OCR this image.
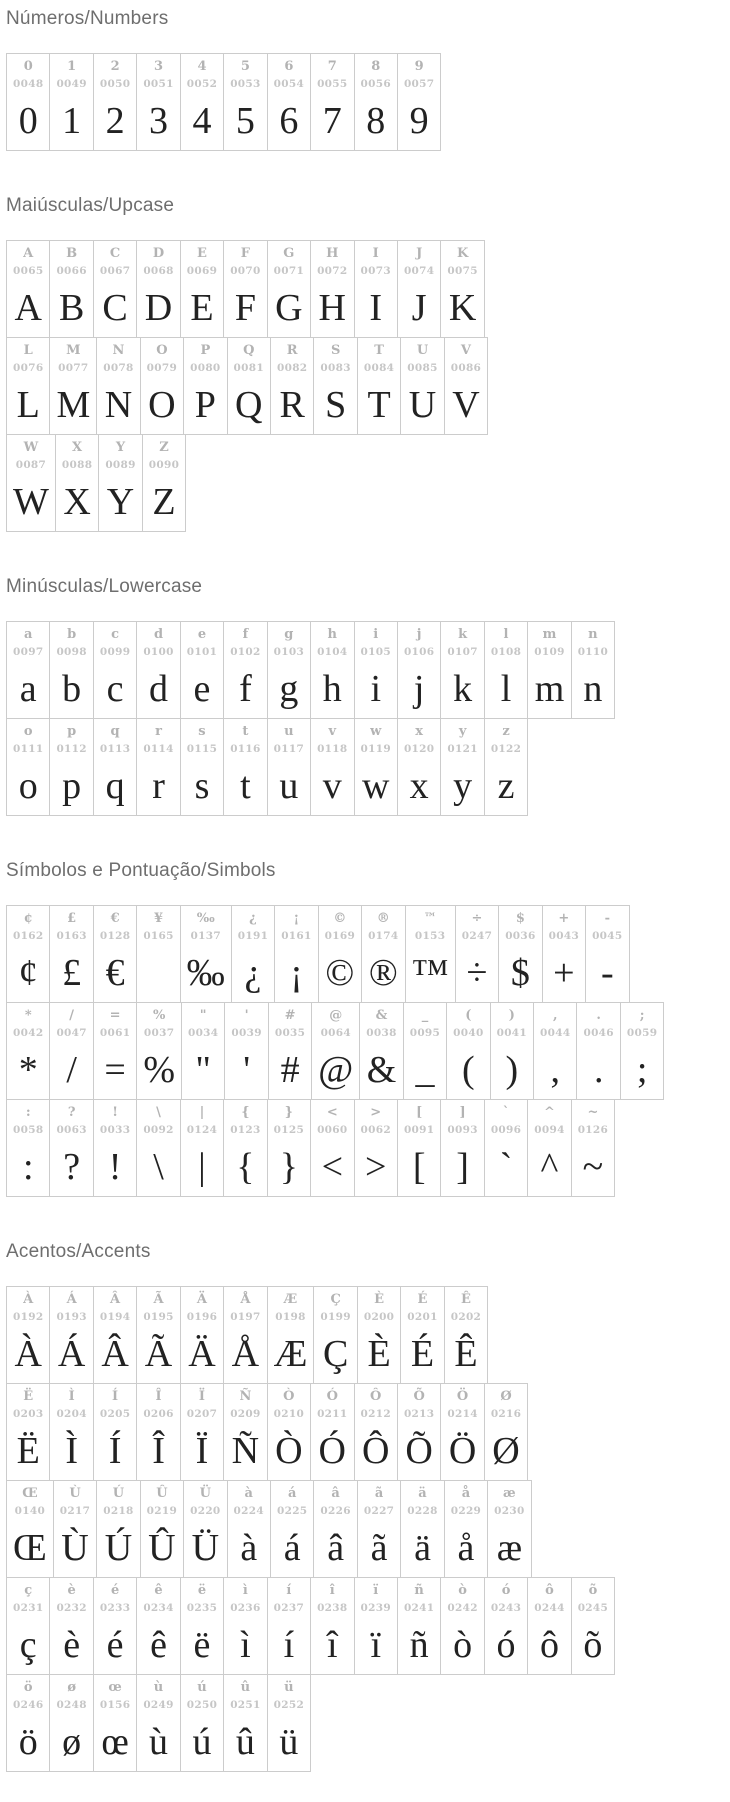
Números/Numbers
0
0048
0
1
0049
1
2
0050
2
3
0051
3
4
0052
4
5
0053
5
6
0054
6
7
0055
7
8
0056
8
9
0057
9
Maiúsculas/Upcase
A
0065
A
B
0066
B
C
0067
C
D
0068
D
E
0069
E
F
0070
F
G
0071
G
H
0072
H
I
0073
I
J
0074
J
K
0075
K
L
0076
L
M
0077
M
N
0078
N
O
0079
O
P
0080
P
Q
0081
Q
R
0082
R
S
0083
S
T
0084
T
U
0085
U
V
0086
V
W
0087
W
X
0088
X
Y
0089
Y
Z
0090
Z
Minúsculas/Lowercase
a
0097
a
b
0098
b
c
0099
c
d
0100
d
e
0101
e
f
0102
f
g
0103
g
h
0104
h
i
0105
i
j
0106
j
k
0107
k
l
0108
l
m
0109
m
n
0110
n
o
0111
o
p
0112
p
q
0113
q
r
0114
r
s
0115
s
t
0116
t
u
0117
u
v
0118
v
w
0119
w
x
0120
x
y
0121
y
z
0122
z
Símbolos e Pontuação/Simbols
¢
0162
¢
£
0163
£
€
0128
€
¥
0165
‰
0137
‰
¿
0191
¿
¡
0161
¡
©
0169
©
®
0174
®
™
0153
™
÷
0247
÷
$
0036
$
+
0043
+
-
0045
-
*
0042
*
/
0047
/
=
0061
=
%
0037
%
"
0034
"
'
0039
'
#
0035
#
@
0064
@
&
0038
&
_
0095
_
(
0040
(
)
0041
)
,
0044
,
.
0046
.
;
0059
;
:
0058
:
?
0063
?
!
0033
!
\
0092
\
|
0124
|
{
0123
{
}
0125
}
<
0060
<
>
0062
>
[
0091
[
]
0093
]
`
0096
`
^
0094
^
~
0126
~
Acentos/Accents
À
0192
À
Á
0193
Á
Â
0194
Â
Ã
0195
Ã
Ä
0196
Ä
Å
0197
Å
Æ
0198
Æ
Ç
0199
Ç
È
0200
È
É
0201
É
Ê
0202
Ê
Ë
0203
Ë
Ì
0204
Ì
Í
0205
Í
Î
0206
Î
Ï
0207
Ï
Ñ
0209
Ñ
Ò
0210
Ò
Ó
0211
Ó
Ô
0212
Ô
Õ
0213
Õ
Ö
0214
Ö
Ø
0216
Ø
Œ
0140
Œ
Ù
0217
Ù
Ú
0218
Ú
Û
0219
Û
Ü
0220
Ü
à
0224
à
á
0225
á
â
0226
â
ã
0227
ã
ä
0228
ä
å
0229
å
æ
0230
æ
ç
0231
ç
è
0232
è
é
0233
é
ê
0234
ê
ë
0235
ë
ì
0236
ì
í
0237
í
î
0238
î
ï
0239
ï
ñ
0241
ñ
ò
0242
ò
ó
0243
ó
ô
0244
ô
õ
0245
õ
ö
0246
ö
ø
0248
ø
œ
0156
œ
ù
0249
ù
ú
0250
ú
û
0251
û
ü
0252
ü
